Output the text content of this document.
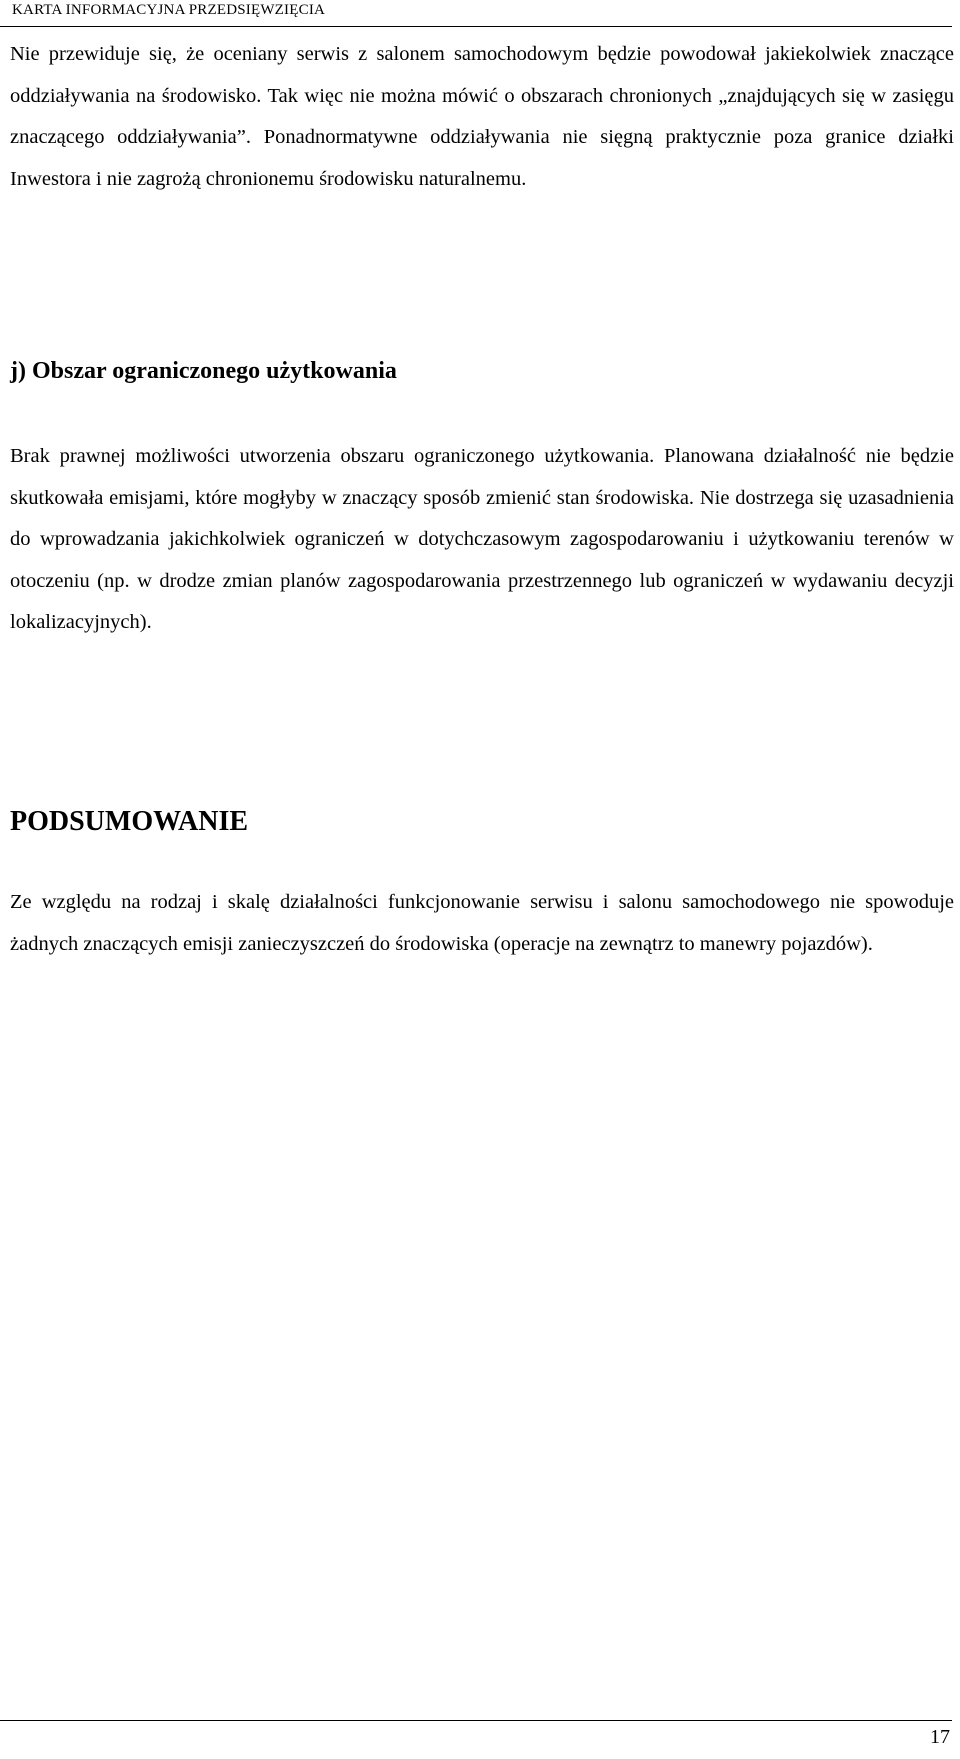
KARTA INFORMACYJNA PRZEDSIĘWZIĘCIA

Nie przewiduje się, że oceniany serwis z salonem samochodowym będzie powodował jakiekolwiek znaczące oddziaływania na środowisko. Tak więc nie można mówić o obszarach chronionych „znajdujących się w zasięgu znaczącego oddziaływania”. Ponadnormatywne oddziaływania nie sięgną praktycznie poza granice działki Inwestora i nie zagrożą chronionemu środowisku naturalnemu.

j) Obszar ograniczonego użytkowania

Brak prawnej możliwości utworzenia obszaru ograniczonego użytkowania. Planowana działalność nie będzie skutkowała emisjami, które mogłyby w znaczący sposób zmienić stan środowiska. Nie dostrzega się uzasadnienia do wprowadzania jakichkolwiek ograniczeń w dotychczasowym zagospodarowaniu i użytkowaniu terenów w otoczeniu (np. w drodze zmian planów zagospodarowania przestrzennego lub ograniczeń w wydawaniu decyzji lokalizacyjnych).

PODSUMOWANIE

Ze względu na rodzaj i skalę działalności funkcjonowanie serwisu i salonu samochodowego nie spowoduje żadnych znaczących emisji zanieczyszczeń do środowiska (operacje na zewnątrz to manewry pojazdów).

17
